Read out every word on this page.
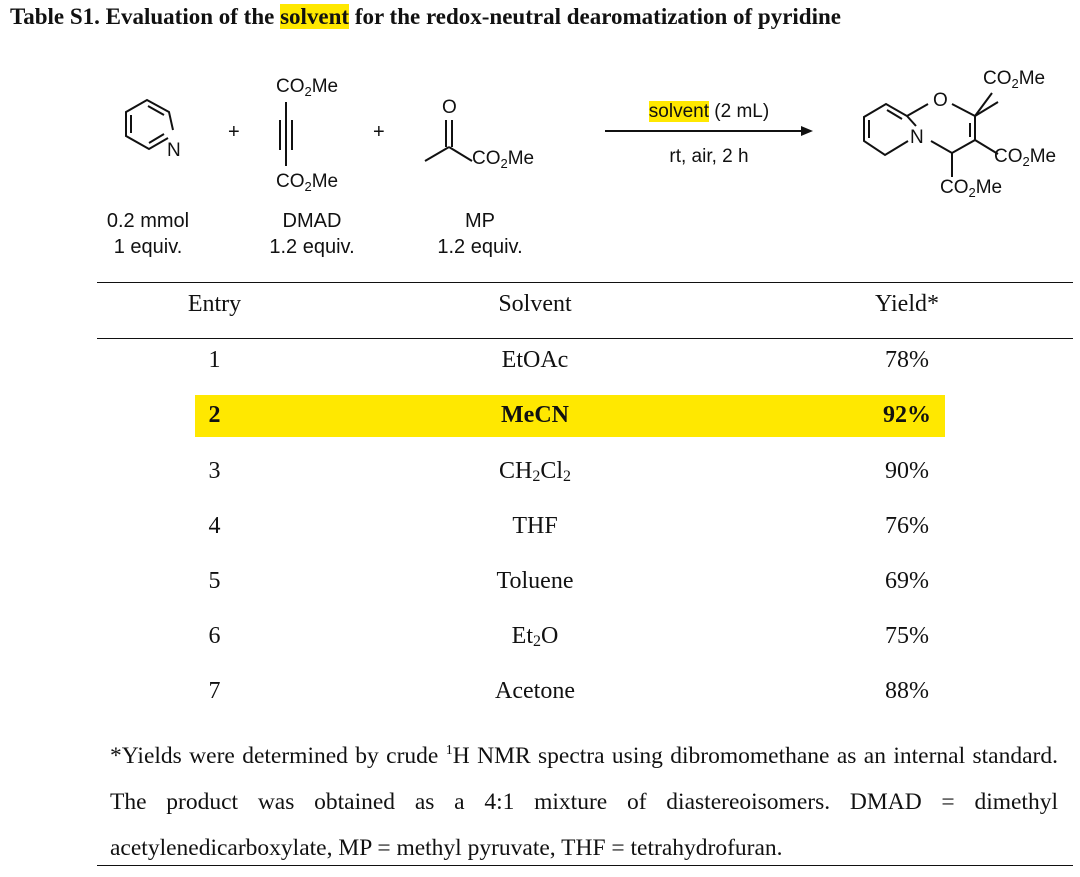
Table S1. Evaluation of the solvent for the redox-neutral dearomatization of pyridine
N
0.2 mmol
1 equiv.
+
$CO_2Me$
$CO_2Me$
DMAD
1.2 equiv.
+
O
$CO_2Me$
MP
1.2 equiv.
solvent (2 mL)
rt, air, 2 h
O
N
$CO_2Me$
$CO_2Me$
$CO_2Me$
Entry	Solvent	Yield*
1	EtOAc	78%
2	MeCN	92%
3	$CH_2Cl_2$	90%
4	THF	76%
5	Toluene	69%
6	$Et_2O$	75%
7	Acetone	88%
*Yields were determined by crude $^1$H NMR spectra using dibromomethane as an internal standard. The product was obtained as a 4:1 mixture of diastereoisomers. DMAD = dimethyl acetylenedicarboxylate, MP = methyl pyruvate, THF = tetrahydrofuran.
